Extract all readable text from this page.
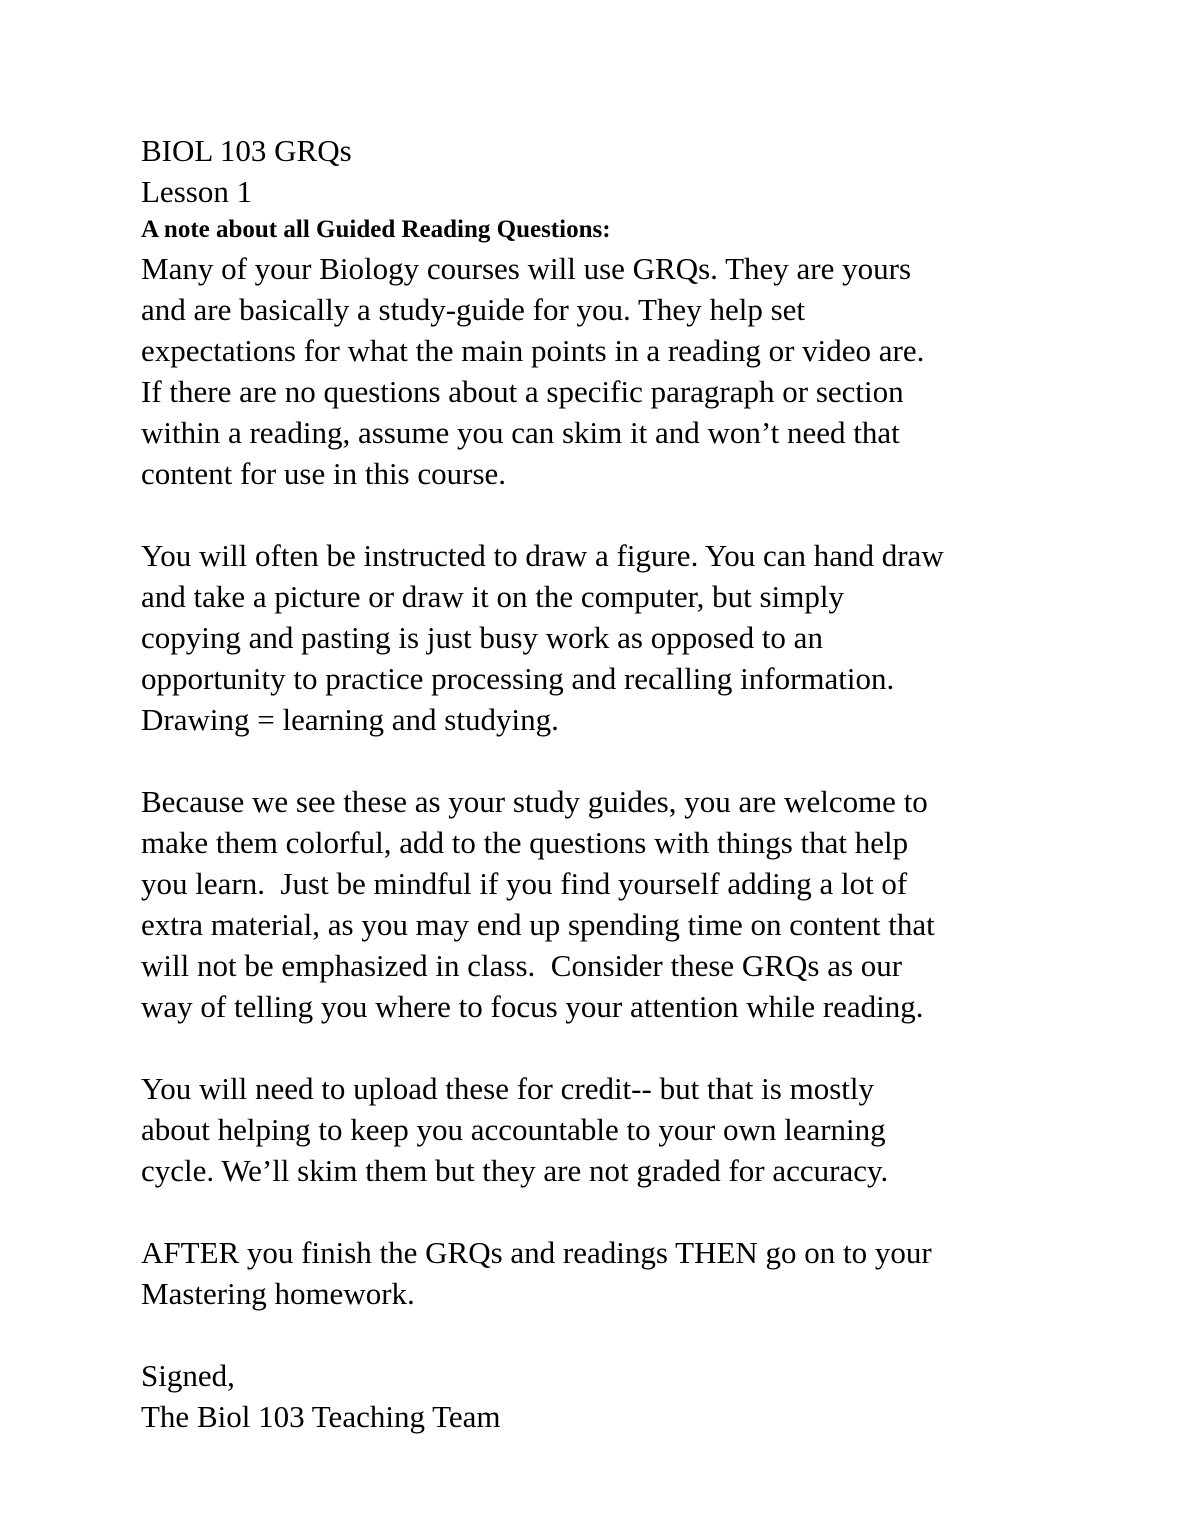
BIOL 103 GRQs
Lesson 1
A note about all Guided Reading Questions:
Many of your Biology courses will use GRQs. They are yours
and are basically a study-guide for you. They help set
expectations for what the main points in a reading or video are.
If there are no questions about a specific paragraph or section
within a reading, assume you can skim it and won’t need that
content for use in this course.
You will often be instructed to draw a figure. You can hand draw
and take a picture or draw it on the computer, but simply
copying and pasting is just busy work as opposed to an
opportunity to practice processing and recalling information.
Drawing = learning and studying.
Because we see these as your study guides, you are welcome to
make them colorful, add to the questions with things that help
you learn.  Just be mindful if you find yourself adding a lot of
extra material, as you may end up spending time on content that
will not be emphasized in class.  Consider these GRQs as our
way of telling you where to focus your attention while reading.
You will need to upload these for credit-- but that is mostly
about helping to keep you accountable to your own learning
cycle. We’ll skim them but they are not graded for accuracy.
AFTER you finish the GRQs and readings THEN go on to your
Mastering homework.
Signed,
The Biol 103 Teaching Team
